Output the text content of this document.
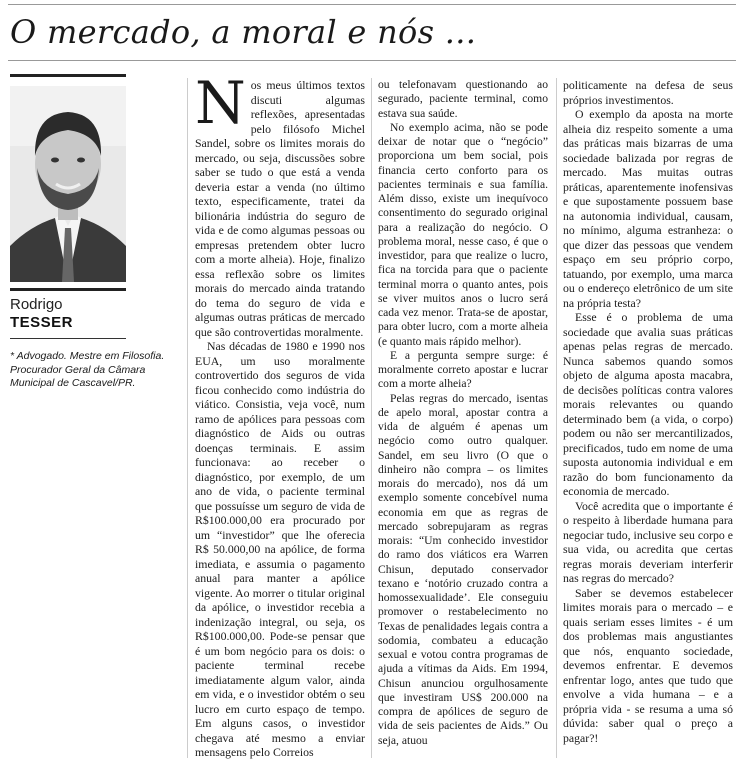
O mercado, a moral e nós ...
Rodrigo
TESSER

* Advogado. Mestre em Filosofia. Procurador Geral da Câmara Municipal de Cascavel/PR.

Nos meus últimos textos discuti algumas reflexões, apresentadas pelo filósofo Michel Sandel, sobre os limites morais do mercado, ou seja, discussões sobre saber se tudo o que está a venda deveria estar a venda (no último texto, especificamente, tratei da bilionária indústria do seguro de vida e de como algumas pessoas ou empresas pretendem obter lucro com a morte alheia). Hoje, finalizo essa reflexão sobre os limites morais do mercado ainda tratando do tema do seguro de vida e algumas outras práticas de mercado que são controvertidas moralmente.

Nas décadas de 1980 e 1990 nos EUA, um uso moralmente controvertido dos seguros de vida ficou conhecido como indústria do viático. Consistia, veja você, num ramo de apólices para pessoas com diagnóstico de Aids ou outras doenças terminais. E assim funcionava: ao receber o diagnóstico, por exemplo, de um ano de vida, o paciente terminal que possuísse um seguro de vida de R$100.000,00 era procurado por um “investidor” que lhe oferecia R$ 50.000,00 na apólice, de forma imediata, e assumia o pagamento anual para manter a apólice vigente. Ao morrer o titular original da apólice, o investidor recebia a indenização integral, ou seja, os R$100.000,00. Pode-se pensar que é um bom negócio para os dois: o paciente terminal recebe imediatamente algum valor, ainda em vida, e o investidor obtém o seu lucro em curto espaço de tempo. Em alguns casos, o investidor chegava até mesmo a enviar mensagens pelo Correios

ou telefonavam questionando ao segurado, paciente terminal, como estava sua saúde.

No exemplo acima, não se pode deixar de notar que o “negócio” proporciona um bem social, pois financia certo conforto para os pacientes terminais e sua família. Além disso, existe um inequívoco consentimento do segurado original para a realização do negócio. O problema moral, nesse caso, é que o investidor, para que realize o lucro, fica na torcida para que o paciente terminal morra o quanto antes, pois se viver muitos anos o lucro será cada vez menor. Trata-se de apostar, para obter lucro, com a morte alheia (e quanto mais rápido melhor).

E a pergunta sempre surge: é moralmente correto apostar e lucrar com a morte alheia?

Pelas regras do mercado, isentas de apelo moral, apostar contra a vida de alguém é apenas um negócio como outro qualquer. Sandel, em seu livro (O que o dinheiro não compra – os limites morais do mercado), nos dá um exemplo somente concebível numa economia em que as regras de mercado sobrepujaram as regras morais: “Um conhecido investidor do ramo dos viáticos era Warren Chisun, deputado conservador texano e ‘notório cruzado contra a homossexualidade’. Ele conseguiu promover o restabelecimento no Texas de penalidades legais contra a sodomia, combateu a educação sexual e votou contra programas de ajuda a vítimas da Aids. Em 1994, Chisun anunciou orgulhosamente que investiram US$ 200.000 na compra de apólices de seguro de vida de seis pacientes de Aids.” Ou seja, atuou

politicamente na defesa de seus próprios investimentos.

O exemplo da aposta na morte alheia diz respeito somente a uma das práticas mais bizarras de uma sociedade balizada por regras de mercado. Mas muitas outras práticas, aparentemente inofensivas e que supostamente possuem base na autonomia individual, causam, no mínimo, alguma estranheza: o que dizer das pessoas que vendem espaço em seu próprio corpo, tatuando, por exemplo, uma marca ou o endereço eletrônico de um site na própria testa?

Esse é o problema de uma sociedade que avalia suas práticas apenas pelas regras de mercado. Nunca sabemos quando somos objeto de alguma aposta macabra, de decisões políticas contra valores morais relevantes ou quando determinado bem (a vida, o corpo) podem ou não ser mercantilizados, precificados, tudo em nome de uma suposta autonomia individual e em razão do bom funcionamento da economia de mercado.

Você acredita que o importante é o respeito à liberdade humana para negociar tudo, inclusive seu corpo e sua vida, ou acredita que certas regras morais deveriam interferir nas regras do mercado?

Saber se devemos estabelecer limites morais para o mercado – e quais seriam esses limites - é um dos problemas mais angustiantes que nós, enquanto sociedade, devemos enfrentar. E devemos enfrentar logo, antes que tudo que envolve a vida humana – e a própria vida - se resuma a uma só dúvida: saber qual o preço a pagar?!
